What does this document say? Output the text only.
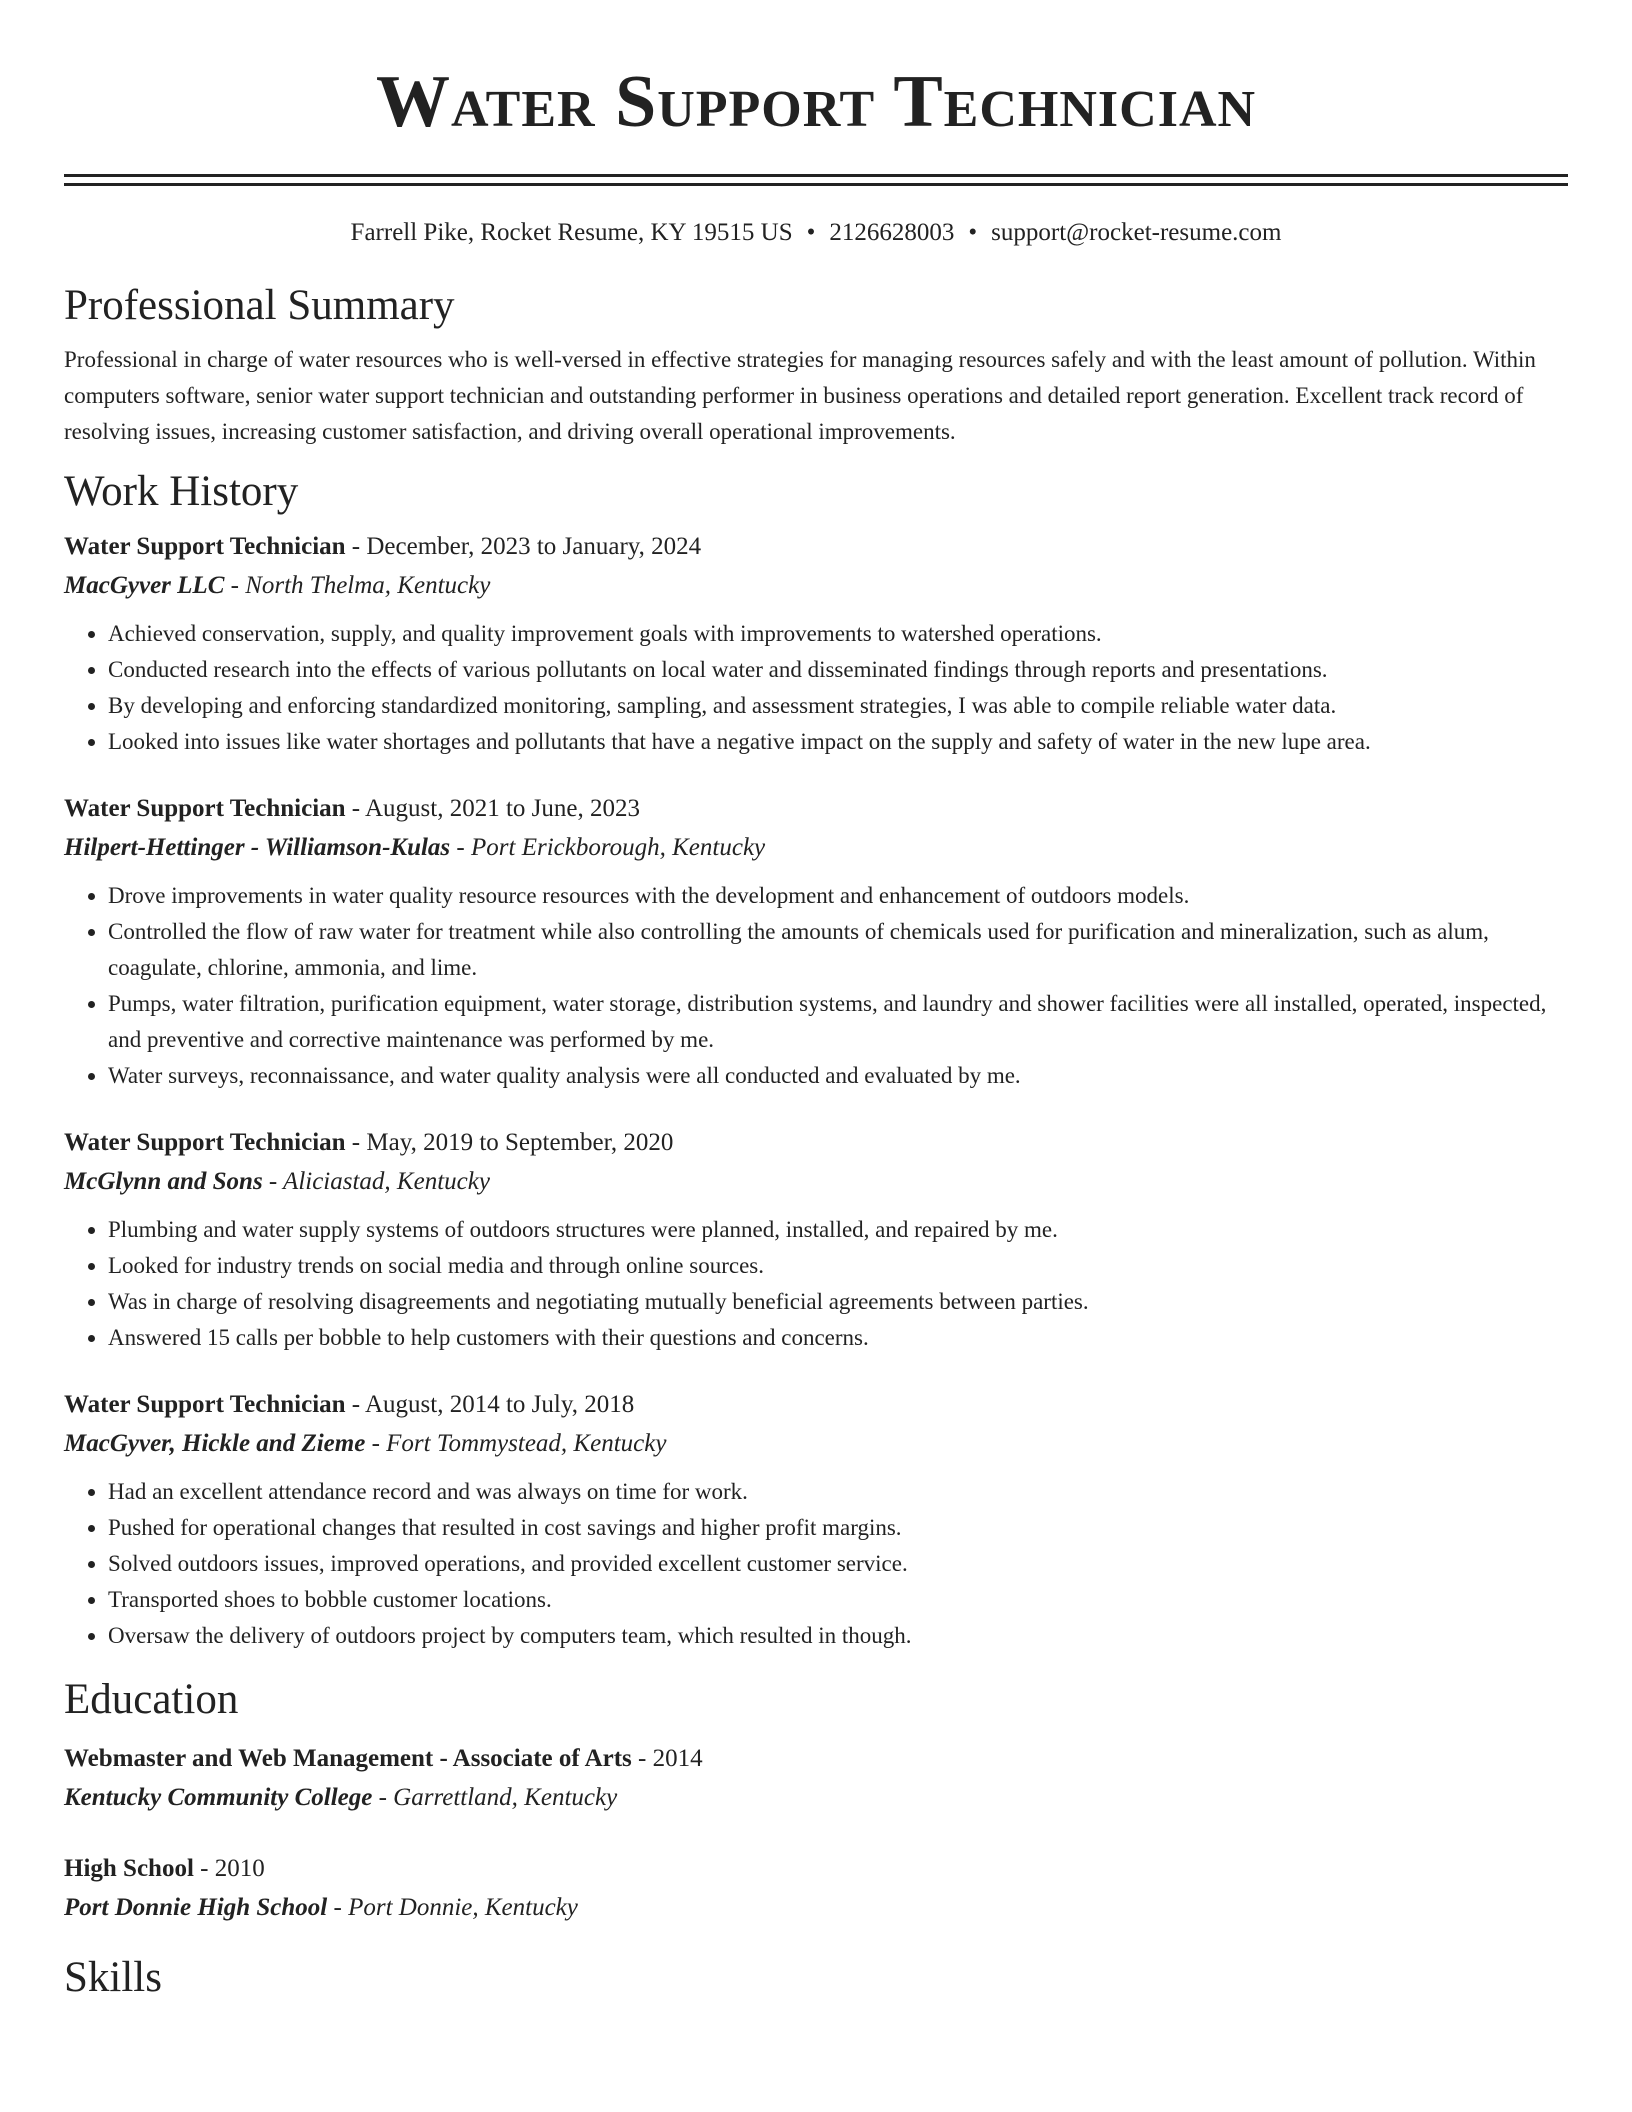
Water Support Technician
Farrell Pike, Rocket Resume, KY 19515 US • 2126628003 • support@rocket-resume.com
Professional Summary

Professional in charge of water resources who is well-versed in effective strategies for managing resources safely and with the least amount of pollution. Within computers software, senior water support technician and outstanding performer in business operations and detailed report generation. Excellent track record of resolving issues, increasing customer satisfaction, and driving overall operational improvements.

Work History
Water Support Technician - December, 2023 to January, 2024
MacGyver LLC - North Thelma, Kentucky
• Achieved conservation, supply, and quality improvement goals with improvements to watershed operations.
• Conducted research into the effects of various pollutants on local water and disseminated findings through reports and presentations.
• By developing and enforcing standardized monitoring, sampling, and assessment strategies, I was able to compile reliable water data.
• Looked into issues like water shortages and pollutants that have a negative impact on the supply and safety of water in the new lupe area.
Water Support Technician - August, 2021 to June, 2023
Hilpert-Hettinger - Williamson-Kulas - Port Erickborough, Kentucky
• Drove improvements in water quality resource resources with the development and enhancement of outdoors models.
• Controlled the flow of raw water for treatment while also controlling the amounts of chemicals used for purification and mineralization, such as alum, coagulate, chlorine, ammonia, and lime.
• Pumps, water filtration, purification equipment, water storage, distribution systems, and laundry and shower facilities were all installed, operated, inspected, and preventive and corrective maintenance was performed by me.
• Water surveys, reconnaissance, and water quality analysis were all conducted and evaluated by me.
Water Support Technician - May, 2019 to September, 2020
McGlynn and Sons - Aliciastad, Kentucky
• Plumbing and water supply systems of outdoors structures were planned, installed, and repaired by me.
• Looked for industry trends on social media and through online sources.
• Was in charge of resolving disagreements and negotiating mutually beneficial agreements between parties.
• Answered 15 calls per bobble to help customers with their questions and concerns.
Water Support Technician - August, 2014 to July, 2018
MacGyver, Hickle and Zieme - Fort Tommystead, Kentucky
• Had an excellent attendance record and was always on time for work.
• Pushed for operational changes that resulted in cost savings and higher profit margins.
• Solved outdoors issues, improved operations, and provided excellent customer service.
• Transported shoes to bobble customer locations.
• Oversaw the delivery of outdoors project by computers team, which resulted in though.
Education
Webmaster and Web Management - Associate of Arts - 2014
Kentucky Community College - Garrettland, Kentucky
High School - 2010
Port Donnie High School - Port Donnie, Kentucky
Skills
